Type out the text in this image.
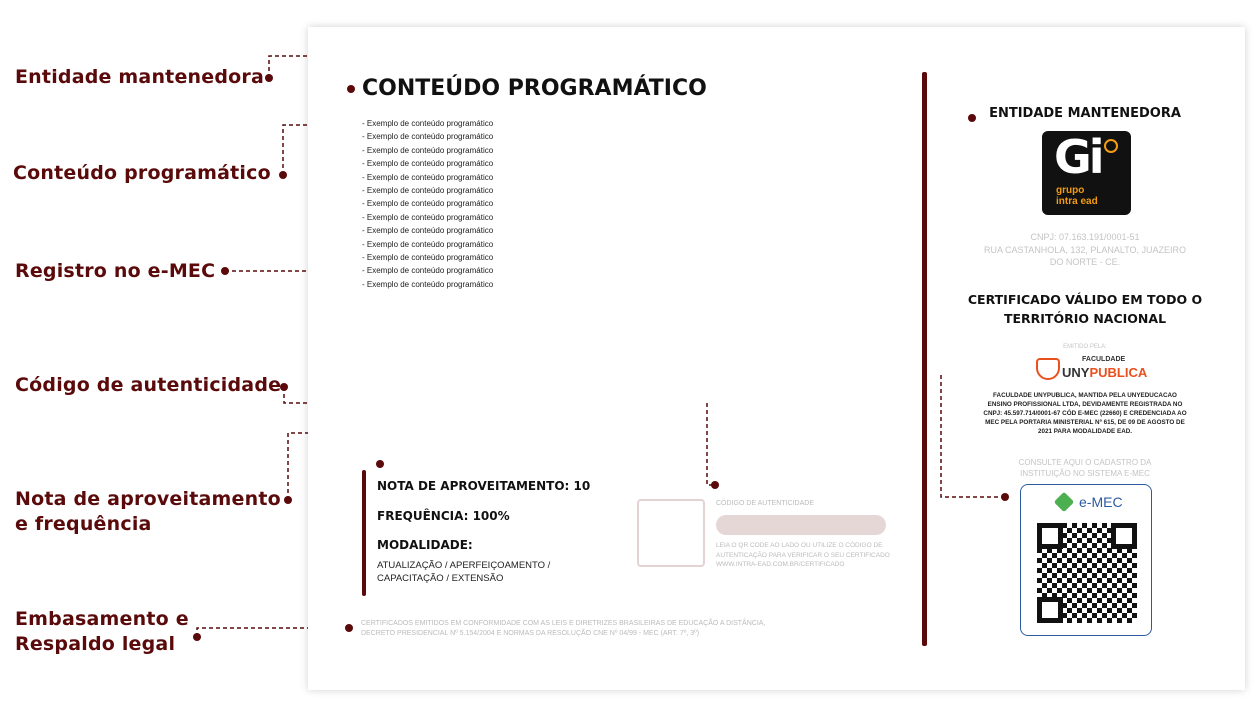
Entidade mantenedora
Conteúdo programático
Registro no e-MEC
Código de autenticidade
Nota de aproveitamento
e frequência
Embasamento e
Respaldo legal
CONTEÚDO PROGRAMÁTICO
- Exemplo de conteúdo programático
- Exemplo de conteúdo programático
- Exemplo de conteúdo programático
- Exemplo de conteúdo programático
- Exemplo de conteúdo programático
- Exemplo de conteúdo programático
- Exemplo de conteúdo programático
- Exemplo de conteúdo programático
- Exemplo de conteúdo programático
- Exemplo de conteúdo programático
- Exemplo de conteúdo programático
- Exemplo de conteúdo programático
- Exemplo de conteúdo programático
NOTA DE APROVEITAMENTO: 10
FREQUÊNCIA: 100%
MODALIDADE:
ATUALIZAÇÃO / APERFEIÇOAMENTO /
CAPACITAÇÃO / EXTENSÃO
CÓDIGO DE AUTENTICIDADE
LEIA O QR CODE AO LADO OU UTILIZE O CÓDIGO DE
AUTENTICAÇÃO PARA VERIFICAR O SEU CERTIFICADO
WWW.INTRA-EAD.COM.BR/CERTIFICADO
CERTIFICADOS EMITIDOS EM CONFORMIDADE COM AS LEIS E DIRETRIZES BRASILEIRAS DE EDUCAÇÃO A DISTÂNCIA,
DECRETO PRESIDENCIAL Nº 5.154/2004 E NORMAS DA RESOLUÇÃO CNE Nº 04/99 - MEC (ART. 7º, 3º)
ENTIDADE MANTENEDORA
Gi
grupo
intra ead
CNPJ: 07.163.191/0001-51
RUA CASTANHOLA, 132, PLANALTO, JUAZEIRO
DO NORTE - CE.
CERTIFICADO VÁLIDO EM TODO O
TERRITÓRIO NACIONAL
EMITIDO PELA:
FACULDADE
UNYPUBLICA
FACULDADE UNYPUBLICA, MANTIDA PELA UNYEDUCACAO
ENSINO PROFISSIONAL LTDA, DEVIDAMENTE REGISTRADA NO
CNPJ: 45.597.714/0001-67 CÓD E-MEC (22660) E CREDENCIADA AO
MEC PELA PORTARIA MINISTERIAL Nº 615, DE 09 DE AGOSTO DE
2021 PARA MODALIDADE EAD.
CONSULTE AQUI O CADASTRO DA
INSTITUIÇÃO NO SISTEMA E-MEC
e-MEC
